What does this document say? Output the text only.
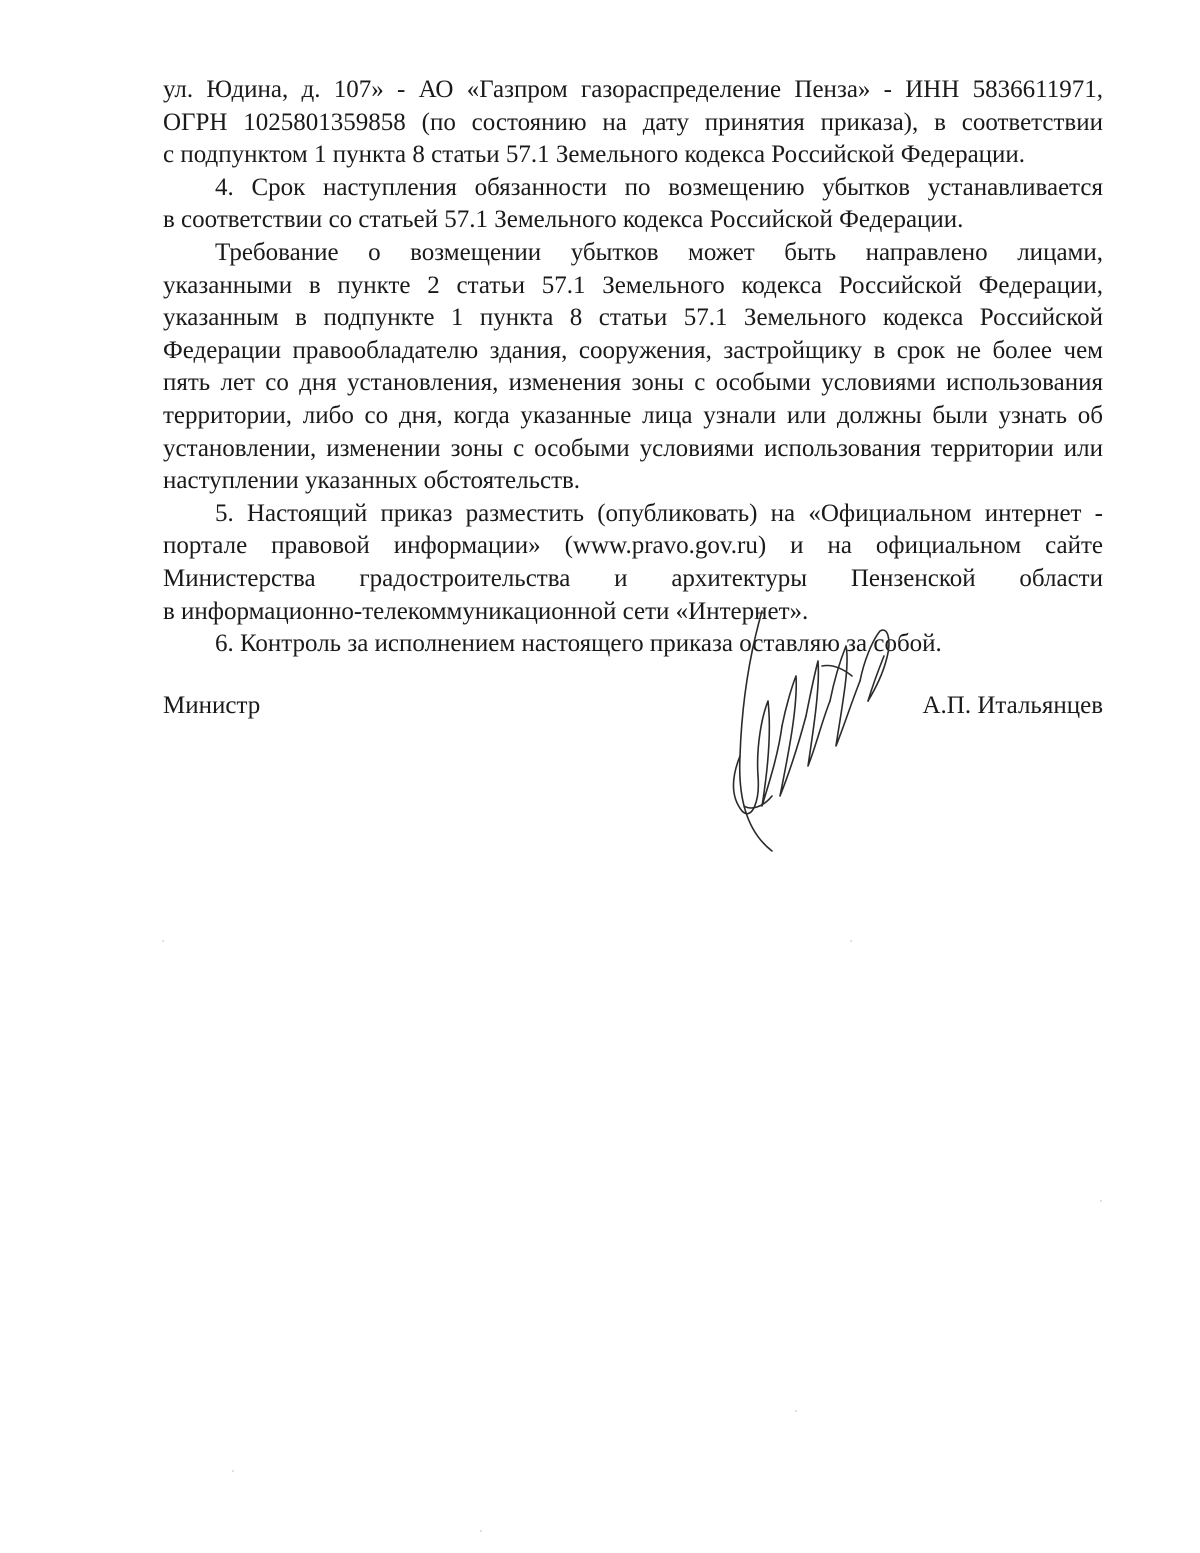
ул. Юдина, д. 107» - АО «Газпром газораспределение Пенза» - ИНН 5836611971,
ОГРН 1025801359858 (по состоянию на дату принятия приказа), в соответствии
с подпунктом 1 пункта 8 статьи 57.1 Земельного кодекса Российской Федерации.

4. Срок наступления обязанности по возмещению убытков устанавливается
в соответствии со статьей 57.1 Земельного кодекса Российской Федерации.

Требование о возмещении убытков может быть направлено лицами,
указанными в пункте 2 статьи 57.1 Земельного кодекса Российской Федерации,
указанным в подпункте 1 пункта 8 статьи 57.1 Земельного кодекса Российской
Федерации правообладателю здания, сооружения, застройщику в срок не более чем
пять лет со дня установления, изменения зоны с особыми условиями использования
территории, либо со дня, когда указанные лица узнали или должны были узнать об
установлении, изменении зоны с особыми условиями использования территории или
наступлении указанных обстоятельств.

5. Настоящий приказ разместить (опубликовать) на «Официальном интернет -
портале правовой информации» (www.pravo.gov.ru) и на официальном сайте
Министерства градостроительства и архитектуры Пензенской области
в информационно-телекоммуникационной сети «Интернет».

6. Контроль за исполнением настоящего приказа оставляю за собой.

Министр	А.П. Итальянцев
